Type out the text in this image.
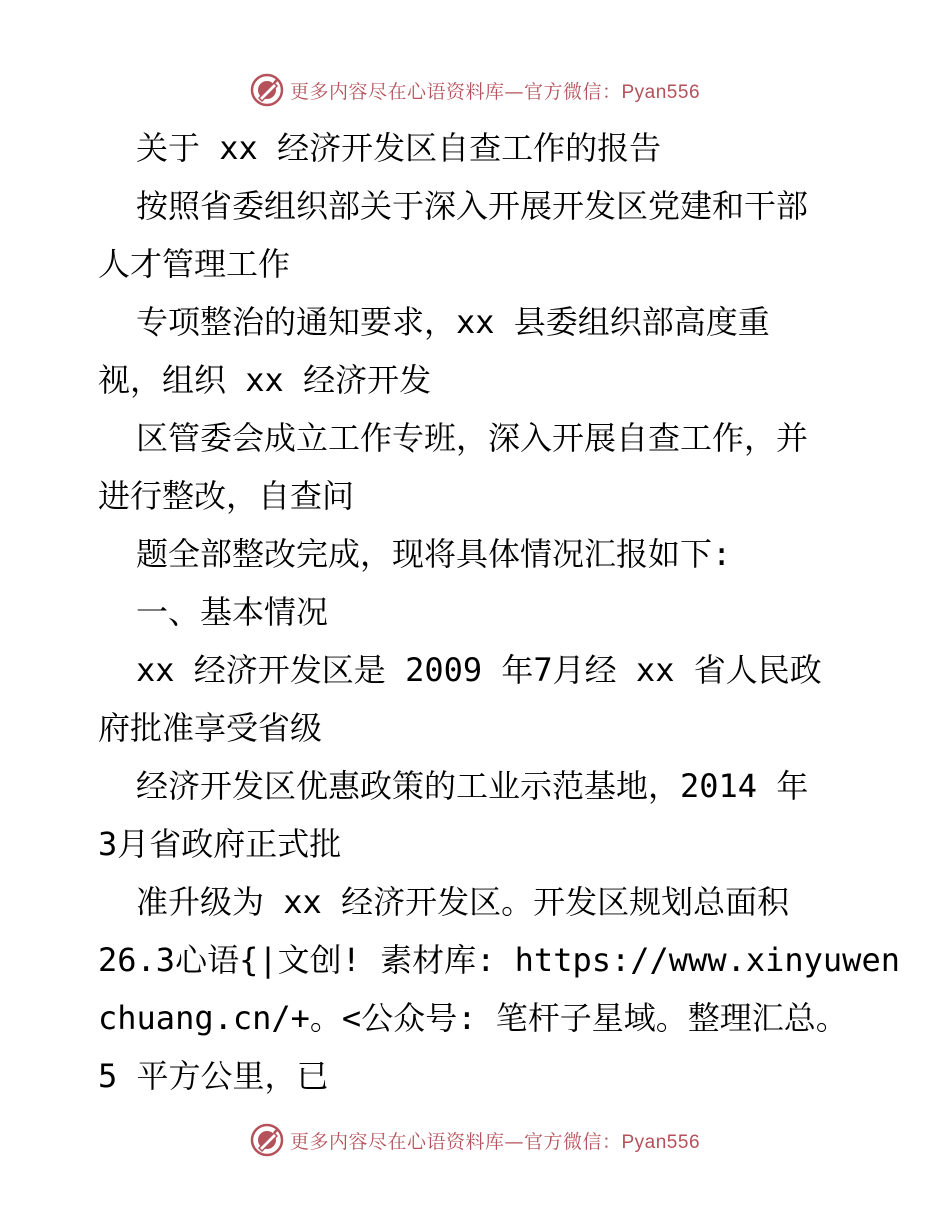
更多内容尽在心语资料库—官方微信：Pyan556
关于 xx 经济开发区自查工作的报告
按照省委组织部关于深入开展开发区党建和干部
人才管理工作
专项整治的通知要求，xx 县委组织部高度重
视，组织 xx 经济开发
区管委会成立工作专班，深入开展自查工作，并
进行整改，自查问
题全部整改完成，现将具体情况汇报如下:
一、基本情况
xx 经济开发区是 2009 年7月经 xx 省人民政
府批准享受省级
经济开发区优惠政策的工业示范基地，2014 年
3月省政府正式批
准升级为 xx 经济开发区。开发区规划总面积
26.3心语{|文创! 素材库: https://www.xinyuwen
chuang.cn/+。<公众号: 笔杆子星域。整理汇总。
5 平方公里，已
更多内容尽在心语资料库—官方微信：Pyan556
